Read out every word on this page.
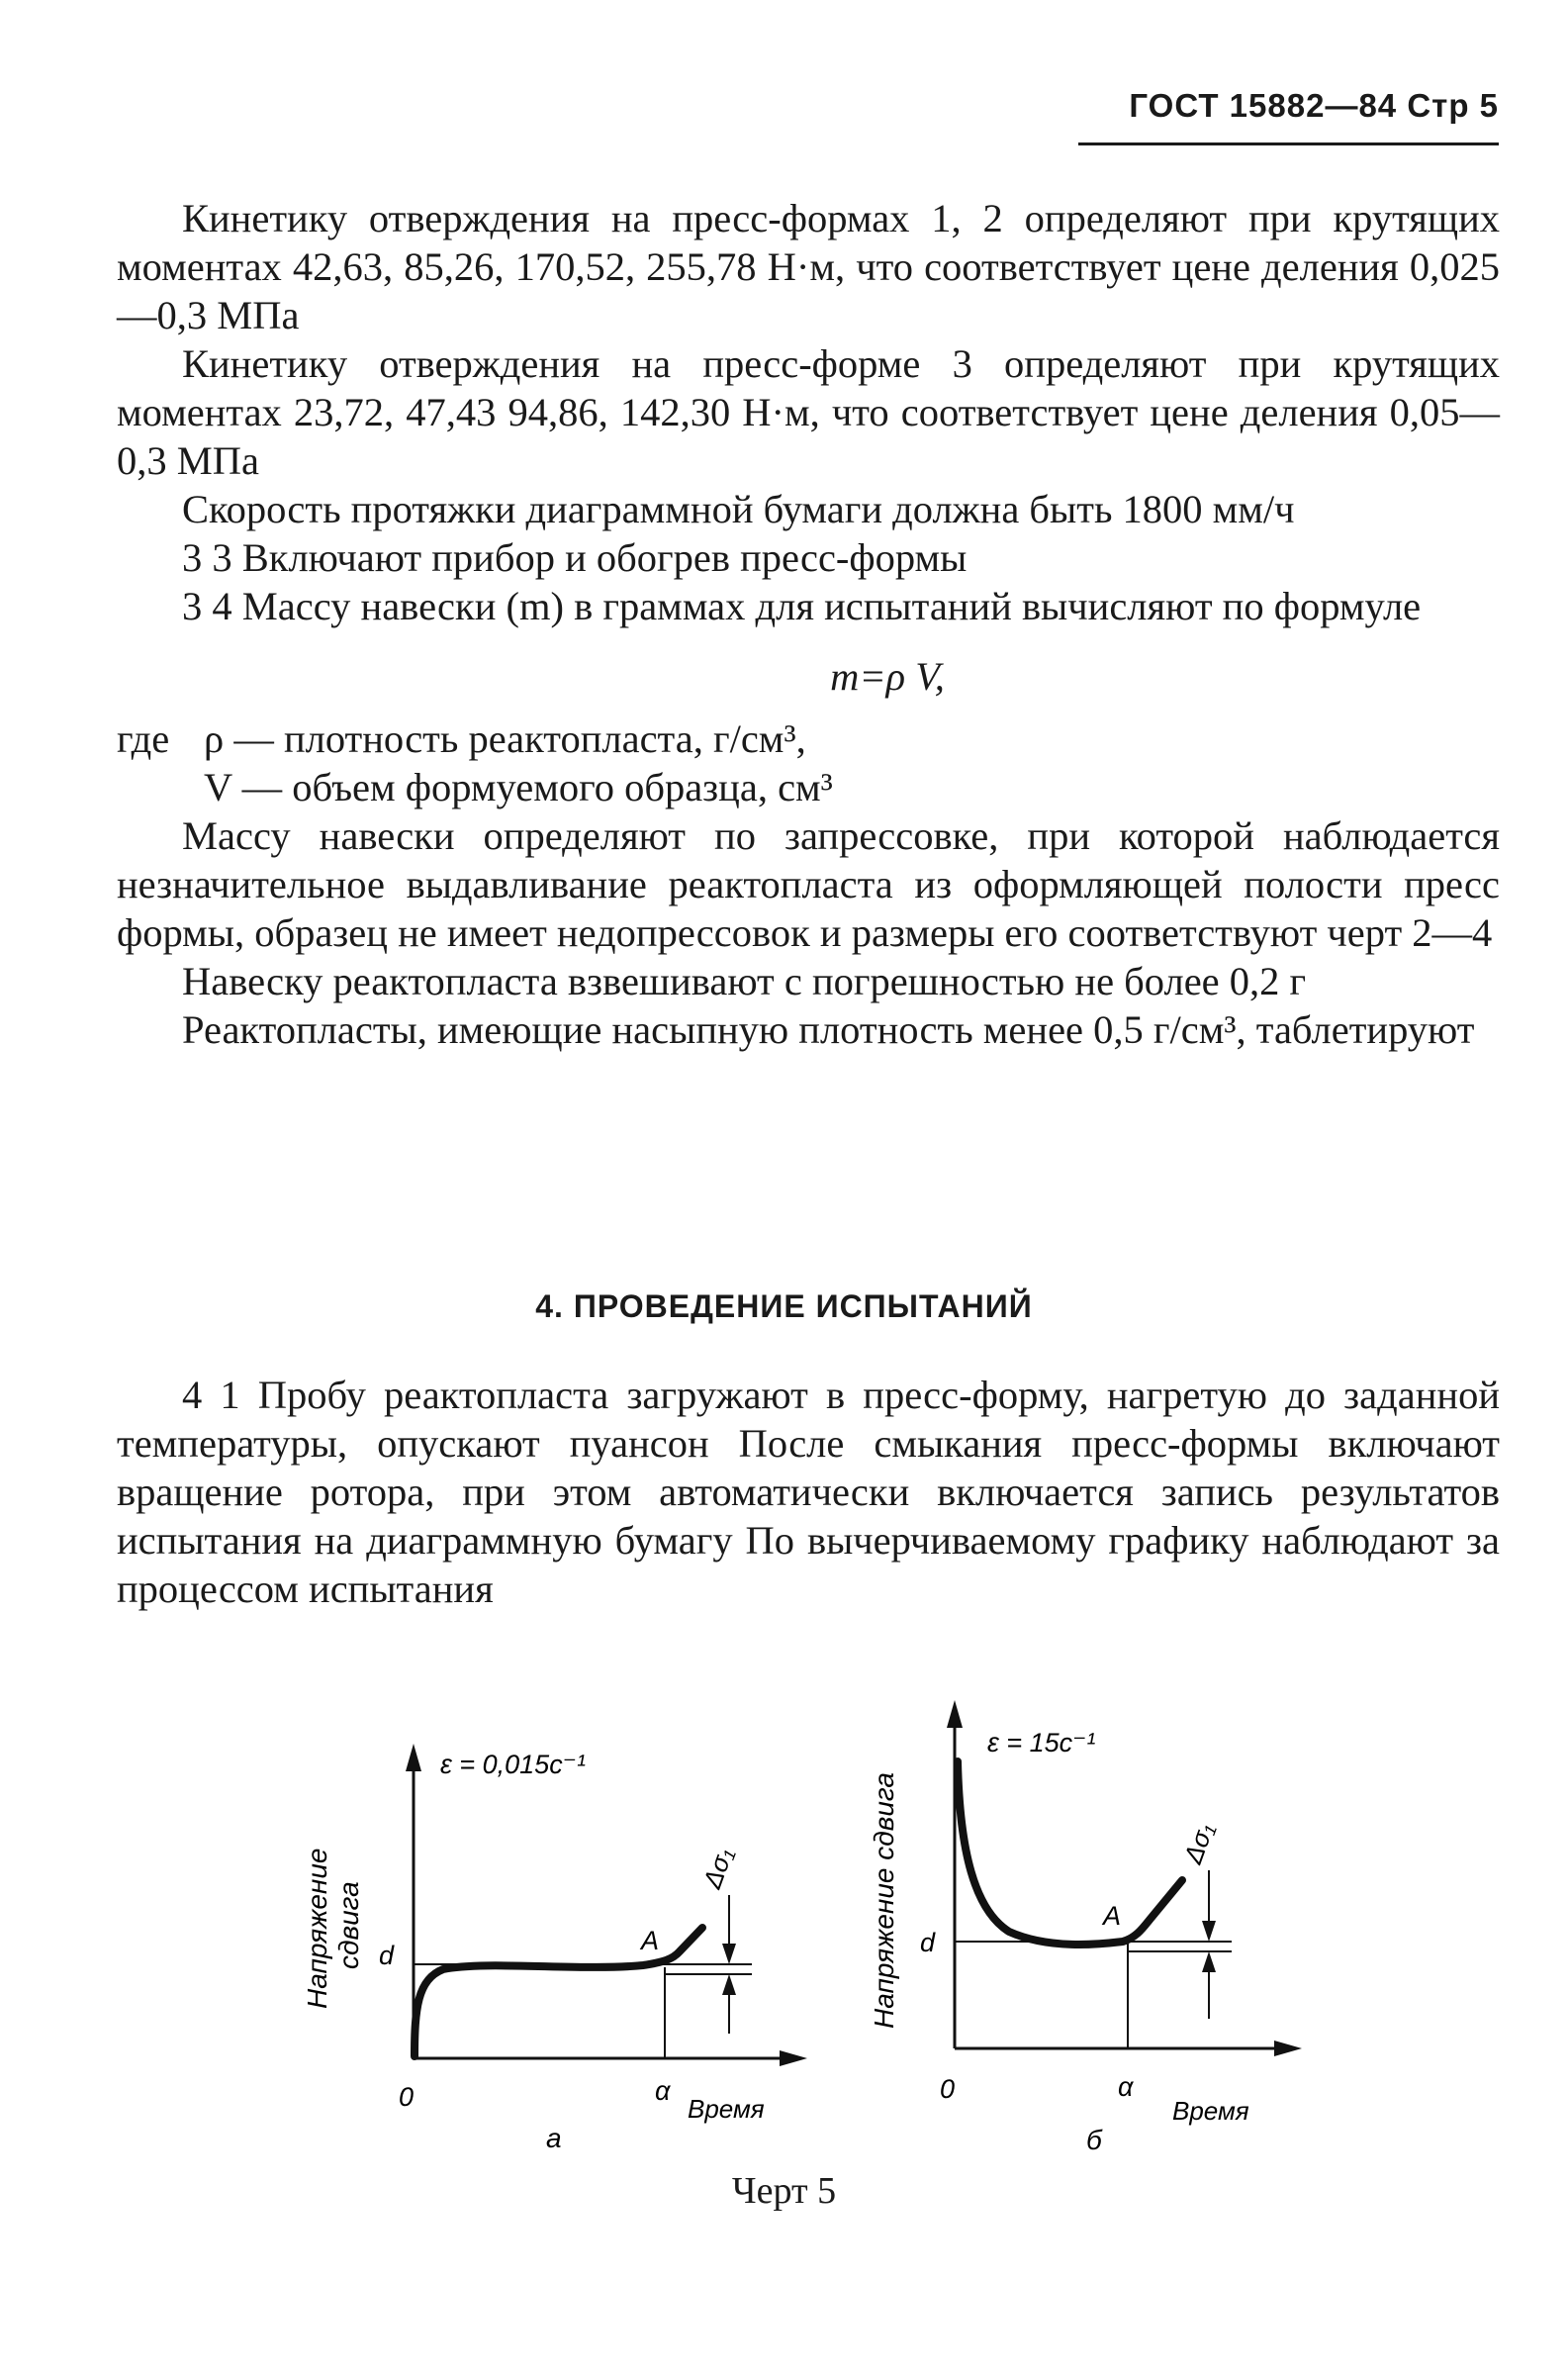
ГОСТ 15882—84 Стр 5

Кинетику отверждения на пресс-формах 1, 2 определяют при крутящих моментах 42,63, 85,26, 170,52, 255,78 Н·м, что соответствует цене деления 0,025—0,3 МПа

Кинетику отверждения на пресс-форме 3 определяют при крутящих моментах 23,72, 47,43 94,86, 142,30 Н·м, что соответствует цене деления 0,05—0,3 МПа

Скорость протяжки диаграммной бумаги должна быть 1800 мм/ч

3 3 Включают прибор и обогрев пресс-формы

3 4 Массу навески (m) в граммах для испытаний вычисляют по формуле

m=ρ V,

где ρ — плотность реактопласта, г/см³,
V — объем формуемого образца, см³

Массу навески определяют по запрессовке, при которой наблюдается незначительное выдавливание реактопласта из оформляющей полости пресс формы, образец не имеет недопрессовок и размеры его соответствуют черт 2—4

Навеску реактопласта взвешивают с погрешностью не более 0,2 г

Реактопласты, имеющие насыпную плотность менее 0,5 г/см³, таблетируют

4. ПРОВЕДЕНИЕ ИСПЫТАНИЙ

4 1 Пробу реактопласта загружают в пресс-форму, нагретую до заданной температуры, опускают пуансон После смыкания пресс-формы включают вращение ротора, при этом автоматически включается запись результатов испытания на диаграммную бумагу По вычерчиваемому графику наблюдают за процессом испытания

Напряжение сдвига
ε = 0,015с⁻¹
d
0	α
Время
а
A
Δσ₁	Напряжение сдвига
ε = 15с⁻¹
d
0	α
Время
б
A
Δσ₁
Черт 5
